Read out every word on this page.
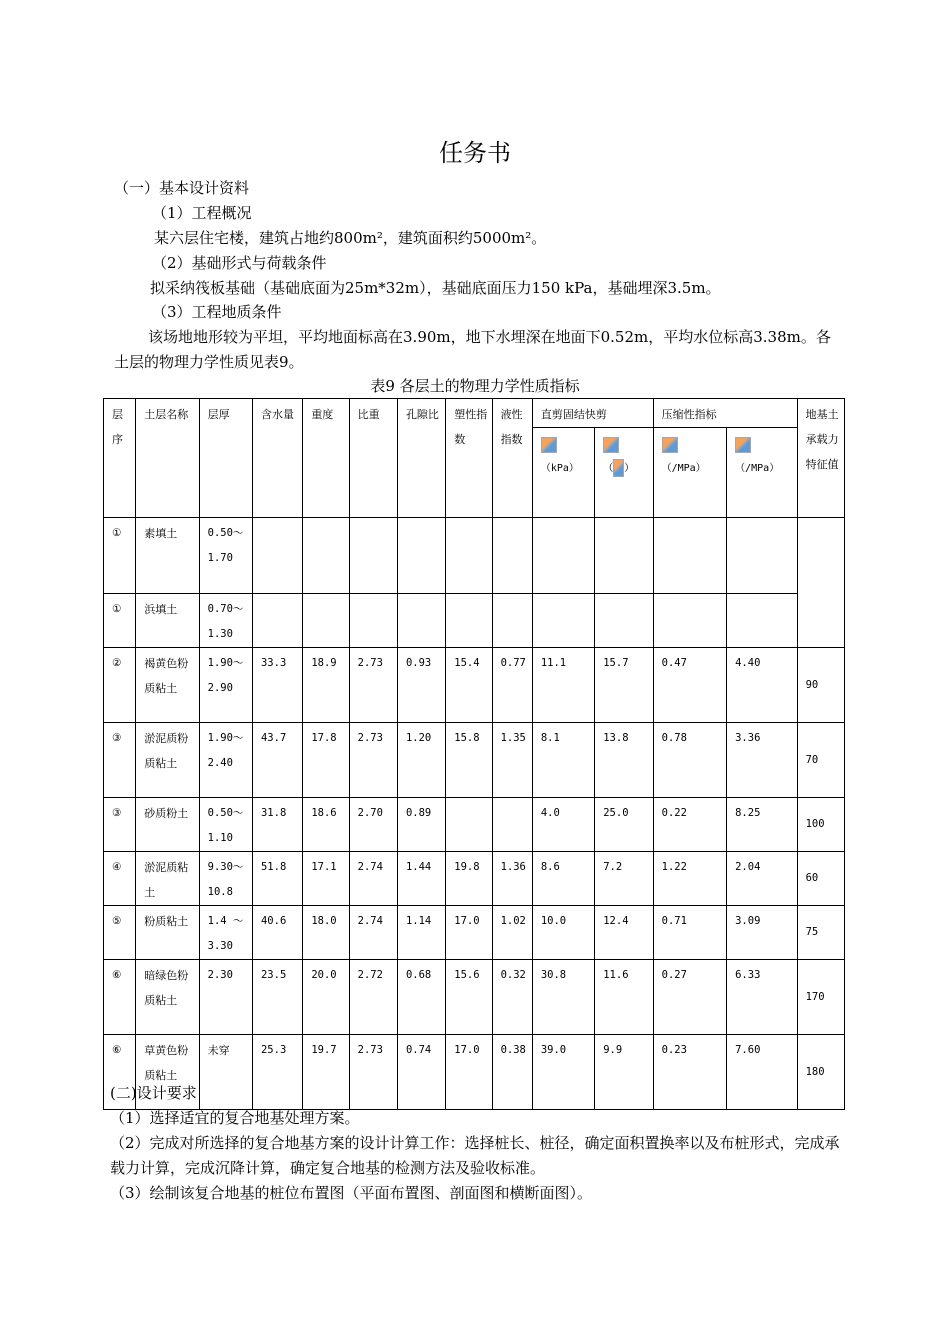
任务书
（一）基本设计资料
（1）工程概况
某六层住宅楼，建筑占地约800m²，建筑面积约5000m²。
（2）基础形式与荷载条件
拟采纳筏板基础（基础底面为25m*32m），基础底面压力150 kPa，基础埋深3.5m。
（3）工程地质条件
该场地地形较为平坦，平均地面标高在3.90m，地下水埋深在地面下0.52m，平均水位标高3.38m。各土层的物理力学性质见表9。
表9 各层土的物理力学性质指标
层序	土层名称	层厚	含水量	重度	比重	孔隙比	塑性指数	液性指数	直剪固结快剪		压缩性指标		地基土承载力特征值

									（kPa）	（ ）	（/MPa）	（/MPa）	

①	素填土	0.50～1.70											
①	浜填土	0.70～1.30											
②	褐黄色粉质粘土	1.90～2.90	33.3	18.9	2.73	0.93	15.4	0.77	11.1	15.7	0.47	4.40	90
③	淤泥质粉质粘土	1.90～2.40	43.7	17.8	2.73	1.20	15.8	1.35	8.1	13.8	0.78	3.36	70
③	砂质粉土	0.50～1.10	31.8	18.6	2.70	0.89			4.0	25.0	0.22	8.25	100
④	淤泥质粘土	9.30～10.8	51.8	17.1	2.74	1.44	19.8	1.36	8.6	7.2	1.22	2.04	60
⑤	粉质粘土	1.4 ～3.30	40.6	18.0	2.74	1.14	17.0	1.02	10.0	12.4	0.71	3.09	75
⑥	暗绿色粉质粘土	2.30	23.5	20.0	2.72	0.68	15.6	0.32	30.8	11.6	0.27	6.33	170
⑥	草黄色粉质粘土	未穿	25.3	19.7	2.73	0.74	17.0	0.38	39.0	9.9	0.23	7.60	180
(二)设计要求
（1）选择适宜的复合地基处理方案。
（2）完成对所选择的复合地基方案的设计计算工作：选择桩长、桩径，确定面积置换率以及布桩形式，完成承载力计算，完成沉降计算，确定复合地基的检测方法及验收标准。
（3）绘制该复合地基的桩位布置图（平面布置图、剖面图和横断面图）。
